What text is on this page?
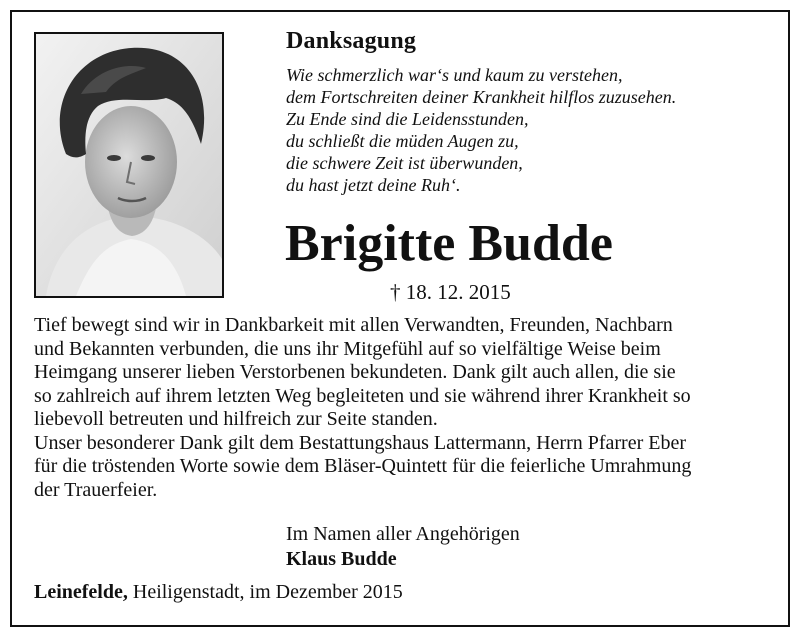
Danksagung
Wie schmerzlich war‘s und kaum zu verstehen,
dem Fortschreiten deiner Krankheit hilflos zuzusehen.
Zu Ende sind die Leidensstunden,
du schließt die müden Augen zu,
die schwere Zeit ist überwunden,
du hast jetzt deine Ruh‘.
Brigitte Budde
† 18. 12. 2015
Tief bewegt sind wir in Dankbarkeit mit allen Verwandten, Freunden, Nachbarn
und Bekannten verbunden, die uns ihr Mitgefühl auf so vielfältige Weise beim
Heimgang unserer lieben Verstorbenen bekundeten. Dank gilt auch allen, die sie
so zahlreich auf ihrem letzten Weg begleiteten und sie während ihrer Krankheit so
liebevoll betreuten und hilfreich zur Seite standen.
Unser besonderer Dank gilt dem Bestattungshaus Lattermann, Herrn Pfarrer Eber
für die tröstenden Worte sowie dem Bläser-Quintett für die feierliche Umrahmung
der Trauerfeier.
Im Namen aller Angehörigen
Klaus Budde
Leinefelde, Heiligenstadt, im Dezember 2015
